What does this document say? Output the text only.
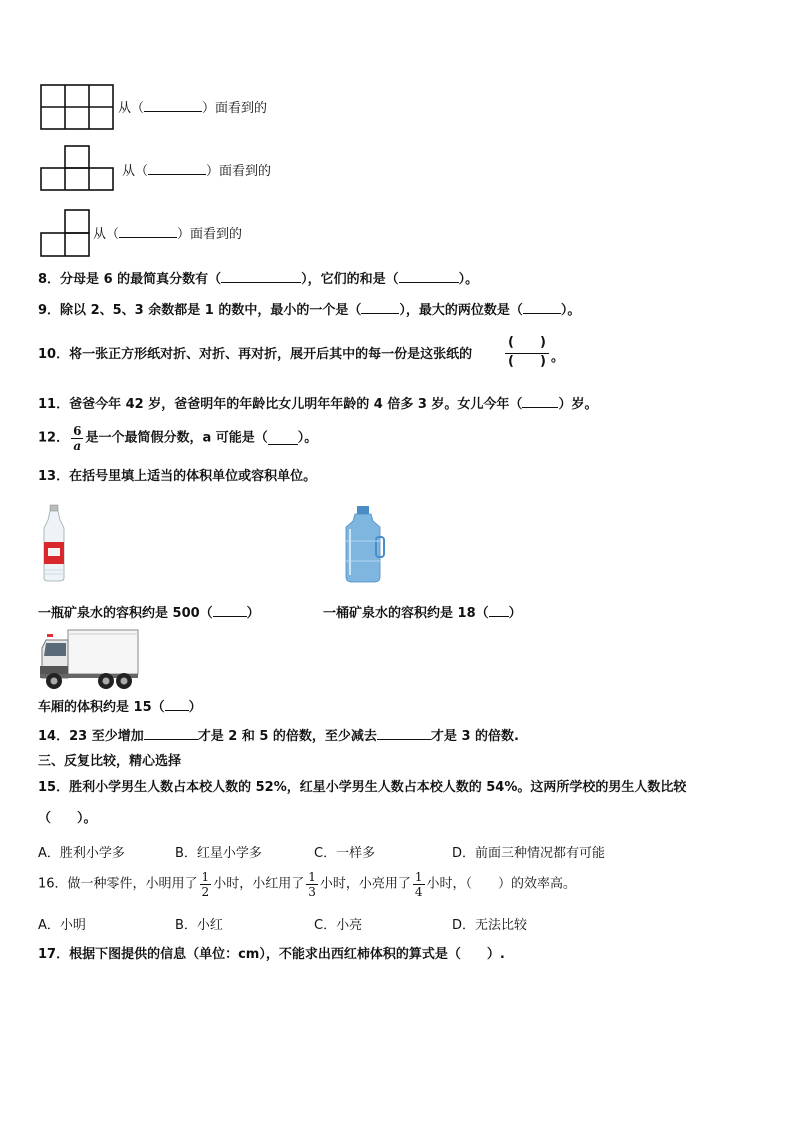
从（	）面看到的
从（	）面看到的
从（	）面看到的
8．分母是 6 的最简真分数有（	），它们的和是（	）。
9．除以 2、5、3 余数都是 1 的数中，最小的一个是（	），最大的两位数是（	）。
10．将一张正方形纸对折、对折、再对折，展开后其中的每一份是这张纸的
(　　)
(　　) 。
11．爸爸今年 42 岁，爸爸明年的年龄比女儿明年年龄的 4 倍多 3 岁。女儿今年（	）岁。
12． $\frac{6}{a}$ 是一个最简假分数，a 可能是（ ）。
13．在括号里填上适当的体积单位或容积单位。
一瓶矿泉水的容积约是 500（	）	一桶矿泉水的容积约是 18（ ）
车厢的体积约是 15（ ）
14．23 至少增加	才是 2 和 5 的倍数，至少减去	才是 3 的倍数.
三、反复比较，精心选择
15．胜利小学男生人数占本校人数的 52%，红星小学男生人数占本校人数的 54%。这两所学校的男生人数比较
（　　）。
A．胜利小学多	B．红星小学多	C．一样多	D．前面三种情况都有可能
16．做一种零件，小明用了 $\frac{1}{2}$ 小时，小红用了 $\frac{1}{3}$ 小时，小亮用了 $\frac{1}{4}$ 小时，（　　）的效率高。
A．小明	B．小红	C．小亮	D．无法比较
17．根据下图提供的信息（单位：cm），不能求出西红柿体积的算式是（　　）.
